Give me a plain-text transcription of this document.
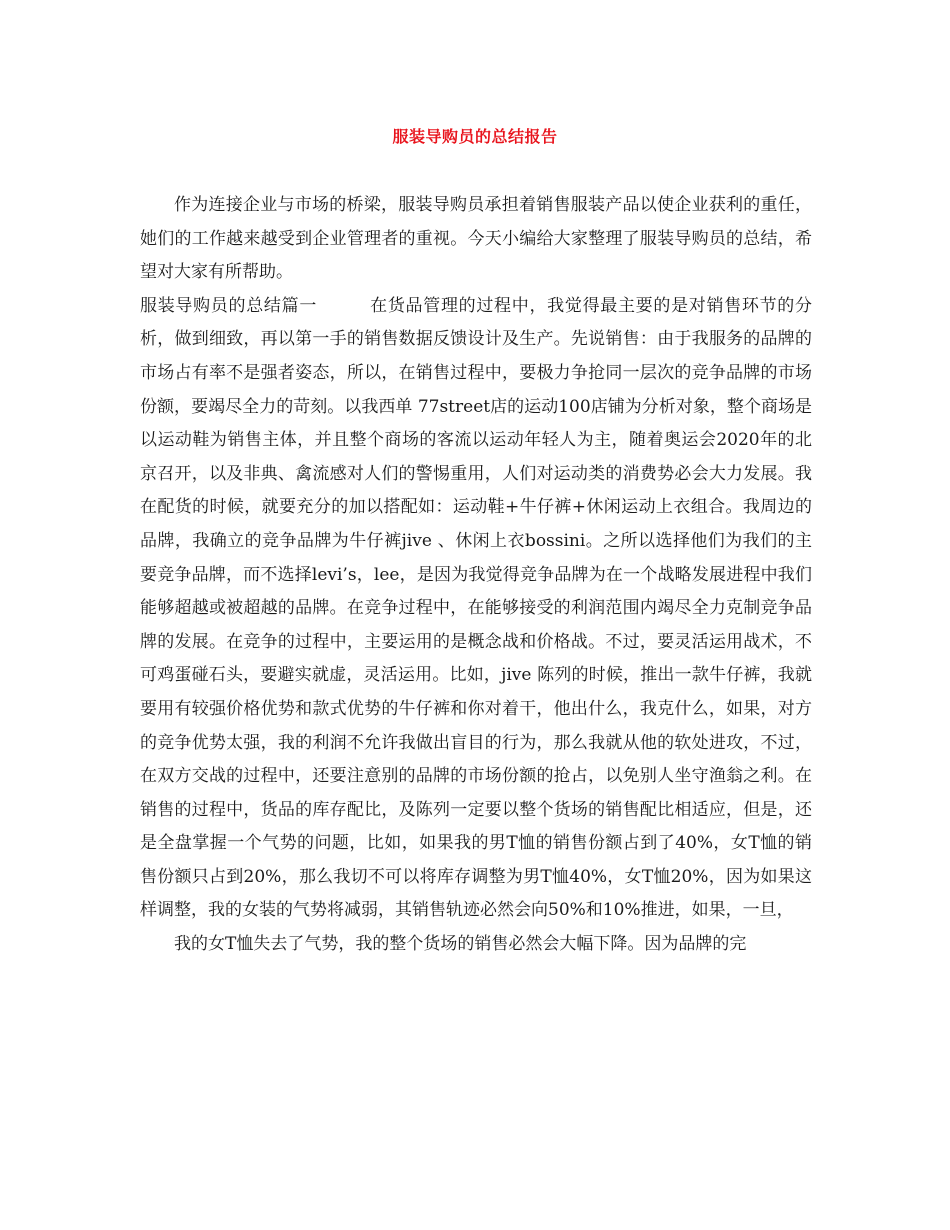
服装导购员的总结报告

作为连接企业与市场的桥梁，服装导购员承担着销售服装产品以使企业获利的重任，她们的工作越来越受到企业管理者的重视。今天小编给大家整理了服装导购员的总结，希望对大家有所帮助。

服装导购员的总结篇一　　　在货品管理的过程中，我觉得最主要的是对销售环节的分析，做到细致，再以第一手的销售数据反馈设计及生产。先说销售：由于我服务的品牌的市场占有率不是强者姿态，所以，在销售过程中，要极力争抢同一层次的竞争品牌的市场份额，要竭尽全力的苛刻。以我西单 77street店的运动100店铺为分析对象，整个商场是以运动鞋为销售主体，并且整个商场的客流以运动年轻人为主，随着奥运会2020年的北京召开，以及非典、禽流感对人们的警惕重用，人们对运动类的消费势必会大力发展。我在配货的时候，就要充分的加以搭配如：运动鞋+牛仔裤+休闲运动上衣组合。我周边的品牌，我确立的竞争品牌为牛仔裤jive 、休闲上衣bossini。之所以选择他们为我们的主要竞争品牌，而不选择levi’s，lee，是因为我觉得竞争品牌为在一个战略发展进程中我们能够超越或被超越的品牌。在竞争过程中，在能够接受的利润范围内竭尽全力克制竞争品牌的发展。在竞争的过程中，主要运用的是概念战和价格战。不过，要灵活运用战术，不可鸡蛋碰石头，要避实就虚，灵活运用。比如，jive 陈列的时候，推出一款牛仔裤，我就要用有较强价格优势和款式优势的牛仔裤和你对着干，他出什么，我克什么，如果，对方的竞争优势太强，我的利润不允许我做出盲目的行为，那么我就从他的软处进攻，不过，在双方交战的过程中，还要注意别的品牌的市场份额的抢占，以免别人坐守渔翁之利。在销售的过程中，货品的库存配比，及陈列一定要以整个货场的销售配比相适应，但是，还是全盘掌握一个气势的问题，比如，如果我的男T恤的销售份额占到了40%，女T恤的销售份额只占到20%，那么我切不可以将库存调整为男T恤40%，女T恤20%，因为如果这样调整，我的女装的气势将减弱，其销售轨迹必然会向50%和10%推进，如果，一旦，

我的女T恤失去了气势，我的整个货场的销售必然会大幅下降。因为品牌的完
